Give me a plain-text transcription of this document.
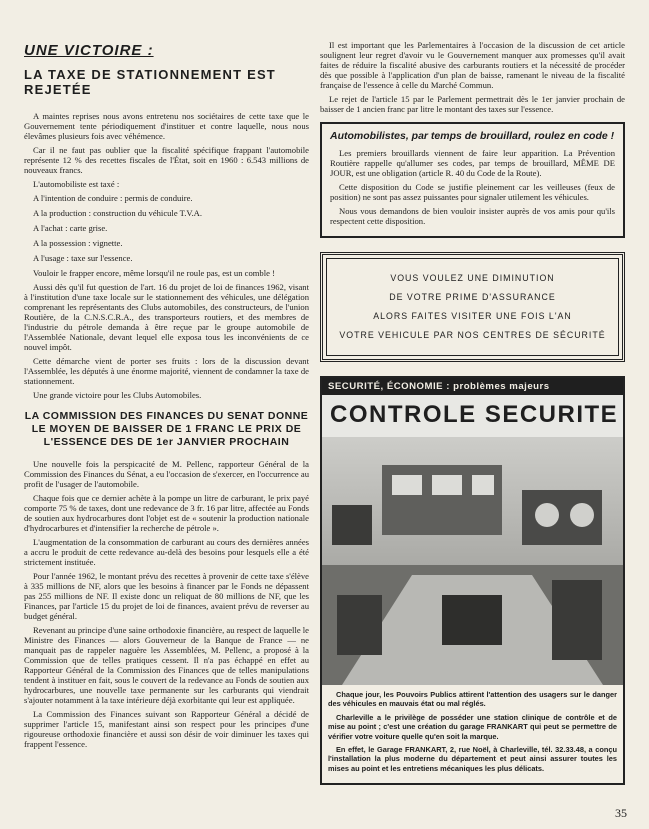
UNE VICTOIRE :
LA TAXE DE STATIONNEMENT EST REJETÉE

A maintes reprises nous avons entretenu nos sociétaires de cette taxe que le Gouvernement tente périodiquement d'instituer et contre laquelle, nous nous élevâmes plusieurs fois avec véhémence.

Car il ne faut pas oublier que la fiscalité spécifique frappant l'automobile représente 12 % des recettes fiscales de l'État, soit en 1960 : 6.543 millions de nouveaux francs.

L'automobiliste est taxé :

A l'intention de conduire : permis de conduire.

A la production : construction du véhicule T.V.A.

A l'achat : carte grise.

A la possession : vignette.

A l'usage : taxe sur l'essence.

Vouloir le frapper encore, même lorsqu'il ne roule pas, est un comble !

Aussi dès qu'il fut question de l'art. 16 du projet de loi de finances 1962, visant à l'institution d'une taxe locale sur le stationnement des véhicules, une délégation comprenant les représentants des Clubs automobiles, des constructeurs, de l'union Routière, de la C.N.S.C.R.A., des transporteurs routiers, et des membres de l'industrie du pétrole demanda à être reçue par le groupe automobile de l'Assemblée Nationale, devant lequel elle exposa tous les inconvénients de ce nouvel impôt.

Cette démarche vient de porter ses fruits : lors de la discussion devant l'Assemblée, les députés à une énorme majorité, viennent de condamner la taxe de stationnement.

Une grande victoire pour les Clubs Automobiles.

LA COMMISSION DES FINANCES DU SENAT DONNE LE MOYEN DE BAISSER DE 1 FRANC LE PRIX DE L'ESSENCE DES DE 1er JANVIER PROCHAIN

Une nouvelle fois la perspicacité de M. Pellenc, rapporteur Général de la Commission des Finances du Sénat, a eu l'occasion de s'exercer, en l'occurrence au profit de l'usager de l'automobile.

Chaque fois que ce dernier achète à la pompe un litre de carburant, le prix payé comporte 75 % de taxes, dont une redevance de 3 fr. 16 par litre, affectée au Fonds de soutien aux hydrocarbures dont l'objet est de « soutenir la production nationale d'hydrocarbures et d'intensifier la recherche de pétrole ».

L'augmentation de la consommation de carburant au cours des dernières années a accru le produit de cette redevance au-delà des besoins pour lesquels elle a été strictement instituée.

Pour l'année 1962, le montant prévu des recettes à provenir de cette taxe s'élève à 335 millions de NF, alors que les besoins à financer par le Fonds ne dépassent pas 255 millions de NF. Il existe donc un reliquat de 80 millions de NF, que les Finances, par l'article 15 du projet de loi de finances, avaient prévu de reverser au budget général.

Revenant au principe d'une saine orthodoxie financière, au respect de laquelle le Ministre des Finances — alors Gouverneur de la Banque de France — ne manquait pas de rappeler naguère les Assemblées, M. Pellenc, a proposé à la Commission que de telles pratiques cessent. Il n'a pas échappé en effet au Rapporteur Général de la Commission des Finances que de telles manipulations tendent à instituer en fait, sous le couvert de la redevance au Fonds de soutien aux hydrocarbures, une nouvelle taxe permanente sur les carburants qui viendrait s'ajouter notamment à la taxe intérieure déjà exorbitante qui leur est appliquée.

La Commission des Finances suivant son Rapporteur Général a décidé de supprimer l'article 15, manifestant ainsi son respect pour les principes d'une rigoureuse orthodoxie financière et aussi son désir de voir diminuer les taxes qui frappent l'essence.

Il est important que les Parlementaires à l'occasion de la discussion de cet article soulignent leur regret d'avoir vu le Gouvernement manquer aux promesses qu'il avait faites de réduire la fiscalité abusive des carburants routiers et la nécessité de procéder dès que possible à l'application d'un plan de baisse, ramenant le niveau de la fiscalité française de l'essence à celle du Marché Commun.

Le rejet de l'article 15 par le Parlement permettrait dès le 1er janvier prochain de baisser de 1 ancien franc par litre le montant des taxes sur l'essence.

Automobilistes, par temps de brouillard, roulez en code !

Les premiers brouillards viennent de faire leur apparition. La Prévention Routière rappelle qu'allumer ses codes, par temps de brouillard, MÊME DE JOUR, est une obligation (article R. 40 du Code de la Route).

Cette disposition du Code se justifie pleinement car les veilleuses (feux de position) ne sont pas assez puissantes pour signaler utilement les véhicules.

Nous vous demandons de bien vouloir insister auprès de vos amis pour qu'ils respectent cette disposition.

VOUS VOULEZ UNE DIMINUTION
DE VOTRE PRIME D'ASSURANCE
ALORS FAITES VISITER UNE FOIS L'AN
VOTRE VEHICULE PAR NOS CENTRES DE SÉCURITÉ
SECURITÉ, ÉCONOMIE : problèmes majeurs
CONTROLE SECURITE

Chaque jour, les Pouvoirs Publics attirent l'attention des usagers sur le danger des véhicules en mauvais état ou mal réglés.

Charleville a le privilège de posséder une station clinique de contrôle et de mise au point ; c'est une création du garage FRANKART qui peut se permettre de vérifier votre voiture quelle qu'en soit la marque.

En effet, le Garage FRANKART, 2, rue Noël, à Charleville, tél. 32.33.48, a conçu l'installation la plus moderne du département et peut ainsi assurer toutes les mises au point et les entretiens mécaniques les plus délicats.

35
